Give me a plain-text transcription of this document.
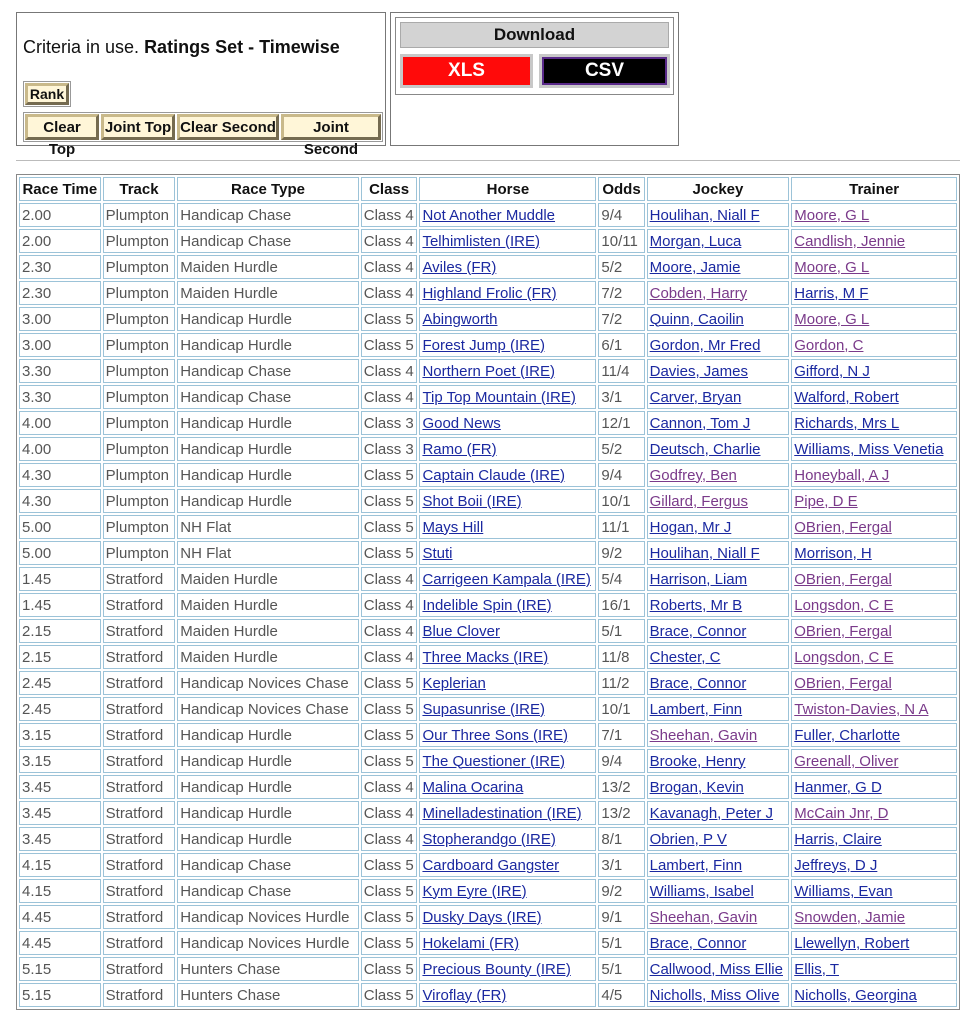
Criteria in use. Ratings Set - Timewise
Rank
Clear Top
Joint Top Clear Second	Joint Second
Download
XLS	CSV
Race Time	Track	Race Type	Class	Horse	Odds	Jockey	Trainer
2.00	Plumpton	Handicap Chase	Class 4	Not Another Muddle	9/4	Houlihan, Niall F	Moore, G L
2.00	Plumpton	Handicap Chase	Class 4	Telhimlisten (IRE)	10/11	Morgan, Luca	Candlish, Jennie
2.30	Plumpton	Maiden Hurdle	Class 4	Aviles (FR)	5/2	Moore, Jamie	Moore, G L
2.30	Plumpton	Maiden Hurdle	Class 4	Highland Frolic (FR)	7/2	Cobden, Harry	Harris, M F
3.00	Plumpton	Handicap Hurdle	Class 5	Abingworth	7/2	Quinn, Caoilin	Moore, G L
3.00	Plumpton	Handicap Hurdle	Class 5	Forest Jump (IRE)	6/1	Gordon, Mr Fred	Gordon, C
3.30	Plumpton	Handicap Chase	Class 4	Northern Poet (IRE)	11/4	Davies, James	Gifford, N J
3.30	Plumpton	Handicap Chase	Class 4	Tip Top Mountain (IRE)	3/1	Carver, Bryan	Walford, Robert
4.00	Plumpton	Handicap Hurdle	Class 3	Good News	12/1	Cannon, Tom J	Richards, Mrs L
4.00	Plumpton	Handicap Hurdle	Class 3	Ramo (FR)	5/2	Deutsch, Charlie	Williams, Miss Venetia
4.30	Plumpton	Handicap Hurdle	Class 5	Captain Claude (IRE)	9/4	Godfrey, Ben	Honeyball, A J
4.30	Plumpton	Handicap Hurdle	Class 5	Shot Boii (IRE)	10/1	Gillard, Fergus	Pipe, D E
5.00	Plumpton	NH Flat	Class 5	Mays Hill	11/1	Hogan, Mr J	OBrien, Fergal
5.00	Plumpton	NH Flat	Class 5	Stuti	9/2	Houlihan, Niall F	Morrison, H
1.45	Stratford	Maiden Hurdle	Class 4	Carrigeen Kampala (IRE)	5/4	Harrison, Liam	OBrien, Fergal
1.45	Stratford	Maiden Hurdle	Class 4	Indelible Spin (IRE)	16/1	Roberts, Mr B	Longsdon, C E
2.15	Stratford	Maiden Hurdle	Class 4	Blue Clover	5/1	Brace, Connor	OBrien, Fergal
2.15	Stratford	Maiden Hurdle	Class 4	Three Macks (IRE)	11/8	Chester, C	Longsdon, C E
2.45	Stratford	Handicap Novices Chase	Class 5	Keplerian	11/2	Brace, Connor	OBrien, Fergal
2.45	Stratford	Handicap Novices Chase	Class 5	Supasunrise (IRE)	10/1	Lambert, Finn	Twiston-Davies, N A
3.15	Stratford	Handicap Hurdle	Class 5	Our Three Sons (IRE)	7/1	Sheehan, Gavin	Fuller, Charlotte
3.15	Stratford	Handicap Hurdle	Class 5	The Questioner (IRE)	9/4	Brooke, Henry	Greenall, Oliver
3.45	Stratford	Handicap Hurdle	Class 4	Malina Ocarina	13/2	Brogan, Kevin	Hanmer, G D
3.45	Stratford	Handicap Hurdle	Class 4	Minelladestination (IRE)	13/2	Kavanagh, Peter J	McCain Jnr, D
3.45	Stratford	Handicap Hurdle	Class 4	Stopherandgo (IRE)	8/1	Obrien, P V	Harris, Claire
4.15	Stratford	Handicap Chase	Class 5	Cardboard Gangster	3/1	Lambert, Finn	Jeffreys, D J
4.15	Stratford	Handicap Chase	Class 5	Kym Eyre (IRE)	9/2	Williams, Isabel	Williams, Evan
4.45	Stratford	Handicap Novices Hurdle	Class 5	Dusky Days (IRE)	9/1	Sheehan, Gavin	Snowden, Jamie
4.45	Stratford	Handicap Novices Hurdle	Class 5	Hokelami (FR)	5/1	Brace, Connor	Llewellyn, Robert
5.15	Stratford	Hunters Chase	Class 5	Precious Bounty (IRE)	5/1	Callwood, Miss Ellie	Ellis, T
5.15	Stratford	Hunters Chase	Class 5	Viroflay (FR)	4/5	Nicholls, Miss Olive	Nicholls, Georgina
